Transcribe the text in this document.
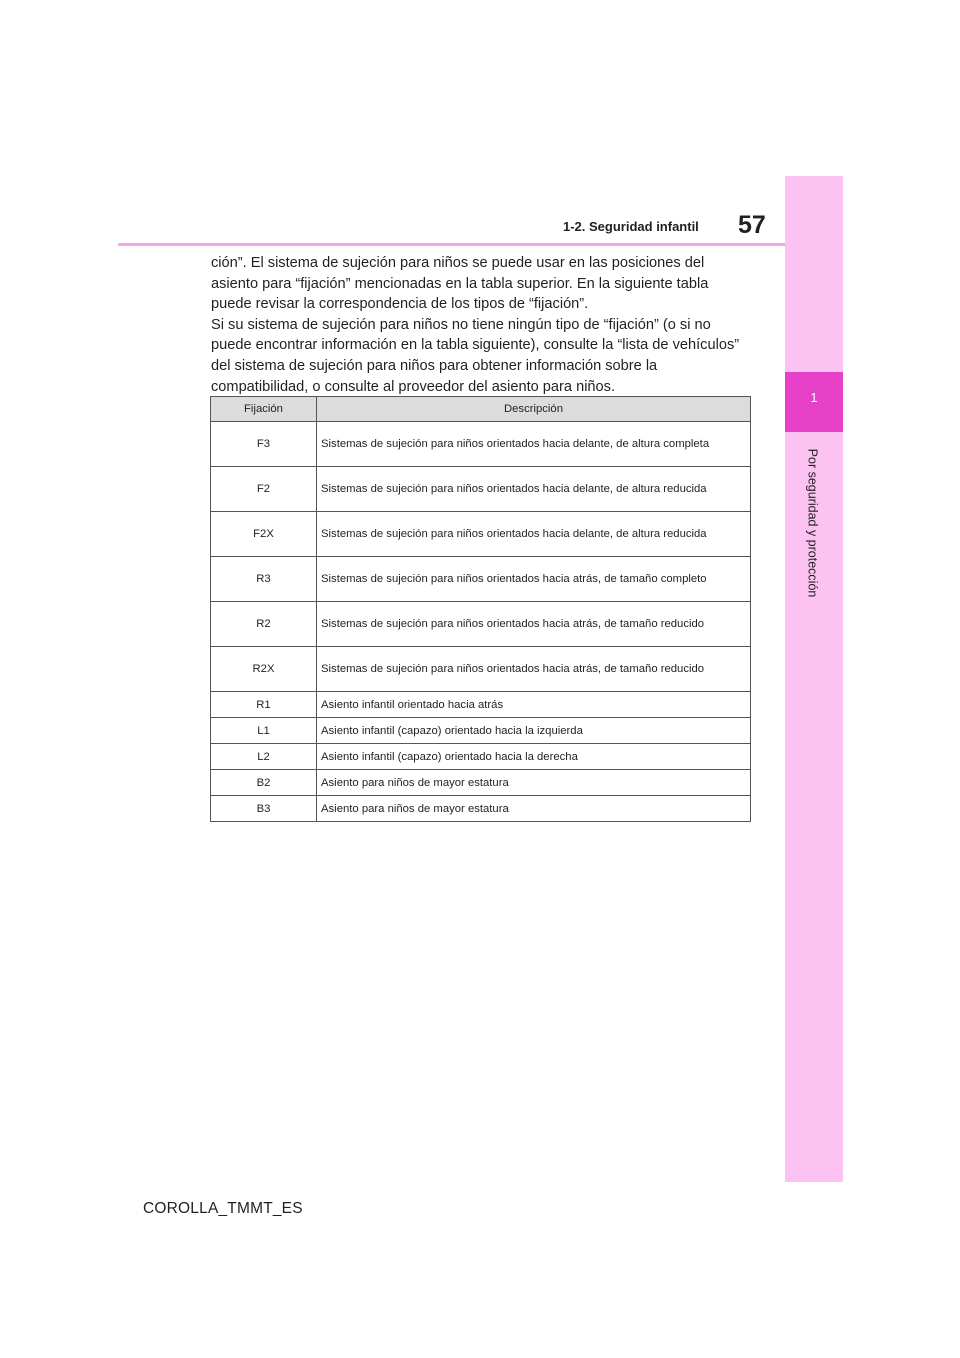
1
Por seguridad y protección
57
1-2. Seguridad infantil

ción”. El sistema de sujeción para niños se puede usar en las posiciones del asiento para “fijación” mencionadas en la tabla superior. En la siguiente tabla puede revisar la correspondencia de los tipos de “fijación”.

Si su sistema de sujeción para niños no tiene ningún tipo de “fijación” (o si no puede encontrar información en la tabla siguiente), consulte la “lista de vehículos” del sistema de sujeción para niños para obtener información sobre la compatibilidad, o consulte al proveedor del asiento para niños.

Fijación	Descripción
F3	Sistemas de sujeción para niños orientados hacia delante, de altura completa
F2	Sistemas de sujeción para niños orientados hacia delante, de altura reducida
F2X	Sistemas de sujeción para niños orientados hacia delante, de altura reducida
R3	Sistemas de sujeción para niños orientados hacia atrás, de tamaño completo
R2	Sistemas de sujeción para niños orientados hacia atrás, de tamaño reducido
R2X	Sistemas de sujeción para niños orientados hacia atrás, de tamaño reducido
R1	Asiento infantil orientado hacia atrás
L1	Asiento infantil (capazo) orientado hacia la izquierda
L2	Asiento infantil (capazo) orientado hacia la derecha
B2	Asiento para niños de mayor estatura
B3	Asiento para niños de mayor estatura
COROLLA_TMMT_ES
